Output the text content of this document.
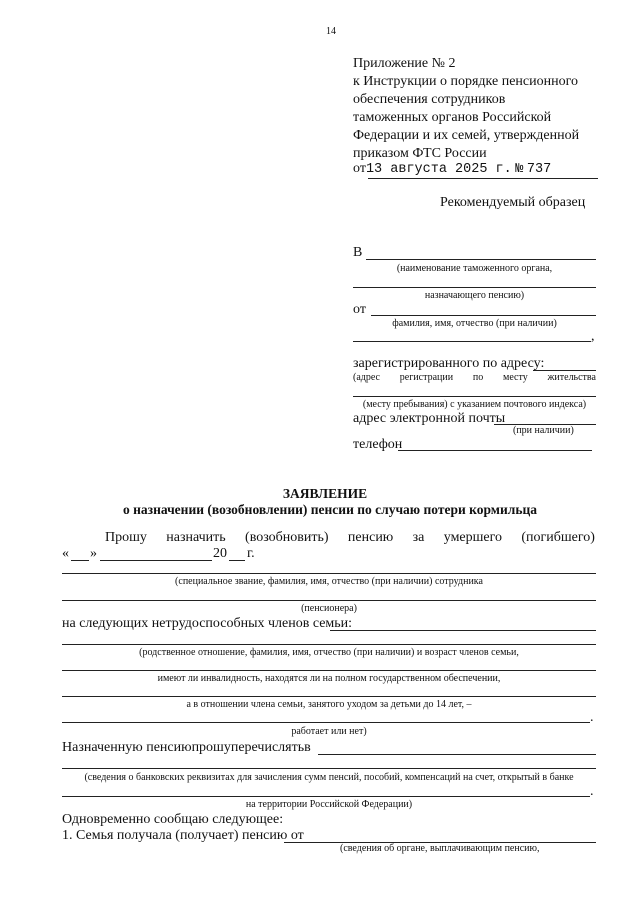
14
Приложение № 2
к Инструкции о порядке пенсионного
обеспечения сотрудников
таможенных органов Российской
Федерации и их семей, утвержденной
приказом ФТС России
от13 августа 2025 г. № 737
Рекомендуемый образец
В
(наименование таможенного органа,
назначающего пенсию)
от
фамилия, имя, отчество (при наличии)
,
зарегистрированного по адресу:
(адрес регистрации по месту жительства
(месту пребывания) с указанием почтового индекса)
адрес электронной почты
(при наличии)
телефон
ЗАЯВЛЕНИЕ
о назначении (возобновлении) пенсии по случаю потери кормильца
Прошу назначить (возобновить) пенсию за умершего (погибшего)
« »	20 г.
(специальное звание, фамилия, имя, отчество (при наличии) сотрудника
(пенсионера)
на следующих нетрудоспособных членов семьи:
(родственное отношение, фамилия, имя, отчество (при наличии) и возраст членов семьи,
имеют ли инвалидность, находятся ли на полном государственном обеспечении,
а в отношении члена семьи, занятого уходом за детьми до 14 лет, –
.
работает или нет)
Назначенную пенсию прошу перечислять в
(сведения о банковских реквизитах для зачисления сумм пенсий, пособий, компенсаций на счет, открытый в банке
.
на территории Российской Федерации)
Одновременно сообщаю следующее:
1. Семья получала (получает) пенсию от
(сведения об органе, выплачивающим пенсию,
